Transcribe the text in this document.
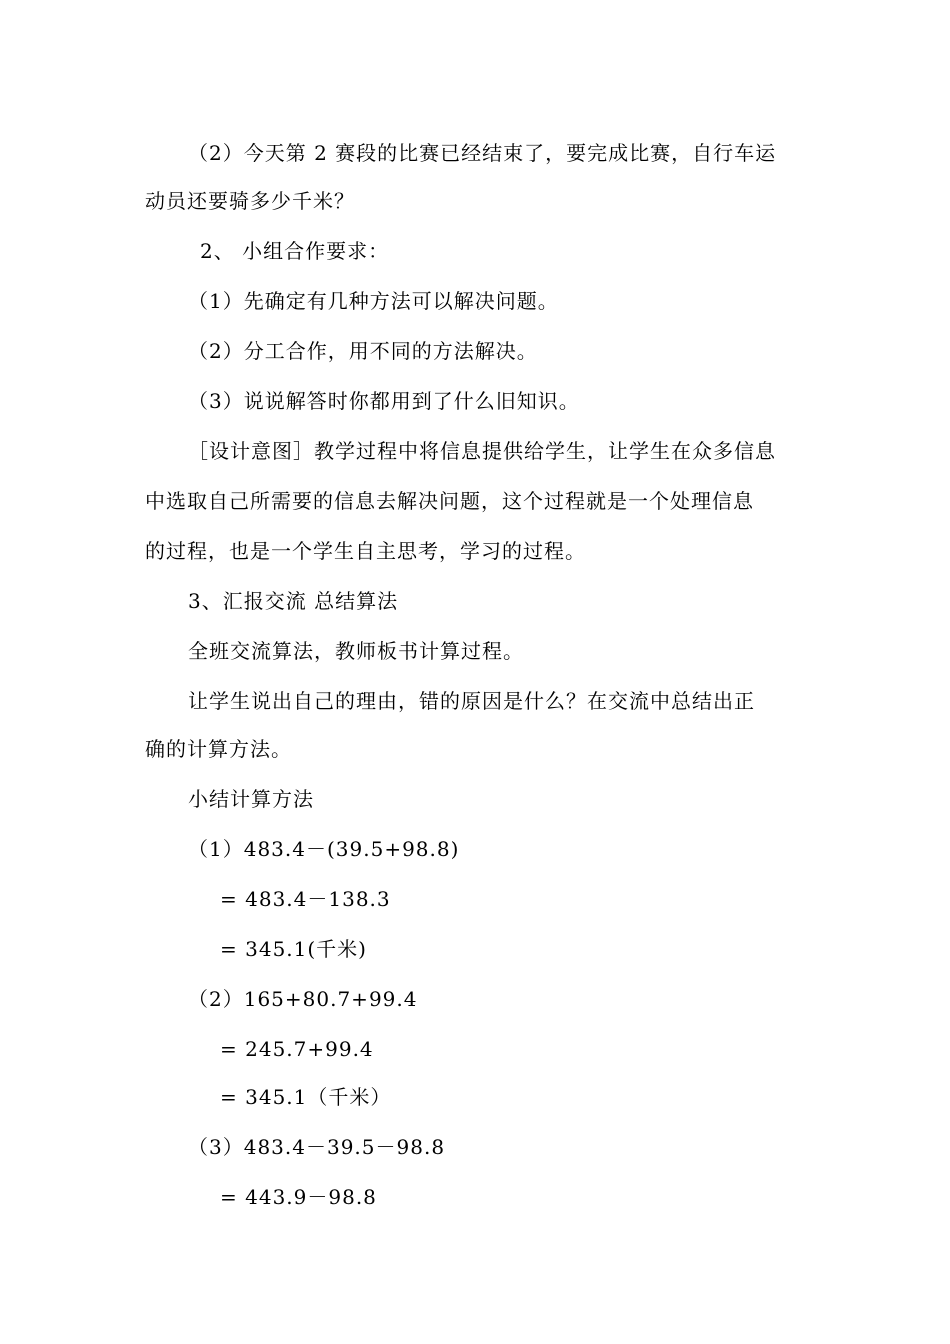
（2）今天第 2 赛段的比赛已经结束了，要完成比赛，自行车运
动员还要骑多少千米？
2、 小组合作要求：
（1）先确定有几种方法可以解决问题。
（2）分工合作，用不同的方法解决。
（3）说说解答时你都用到了什么旧知识。
［设计意图］教学过程中将信息提供给学生，让学生在众多信息
中选取自己所需要的信息去解决问题，这个过程就是一个处理信息
的过程，也是一个学生自主思考，学习的过程。
3、汇报交流 总结算法
全班交流算法，教师板书计算过程。
让学生说出自己的理由，错的原因是什么？在交流中总结出正
确的计算方法。
小结计算方法
（1）483.4－(39.5+98.8)
= 483.4－138.3
= 345.1(千米)
（2）165+80.7+99.4
= 245.7+99.4
= 345.1（千米）
（3）483.4－39.5－98.8
= 443.9－98.8
